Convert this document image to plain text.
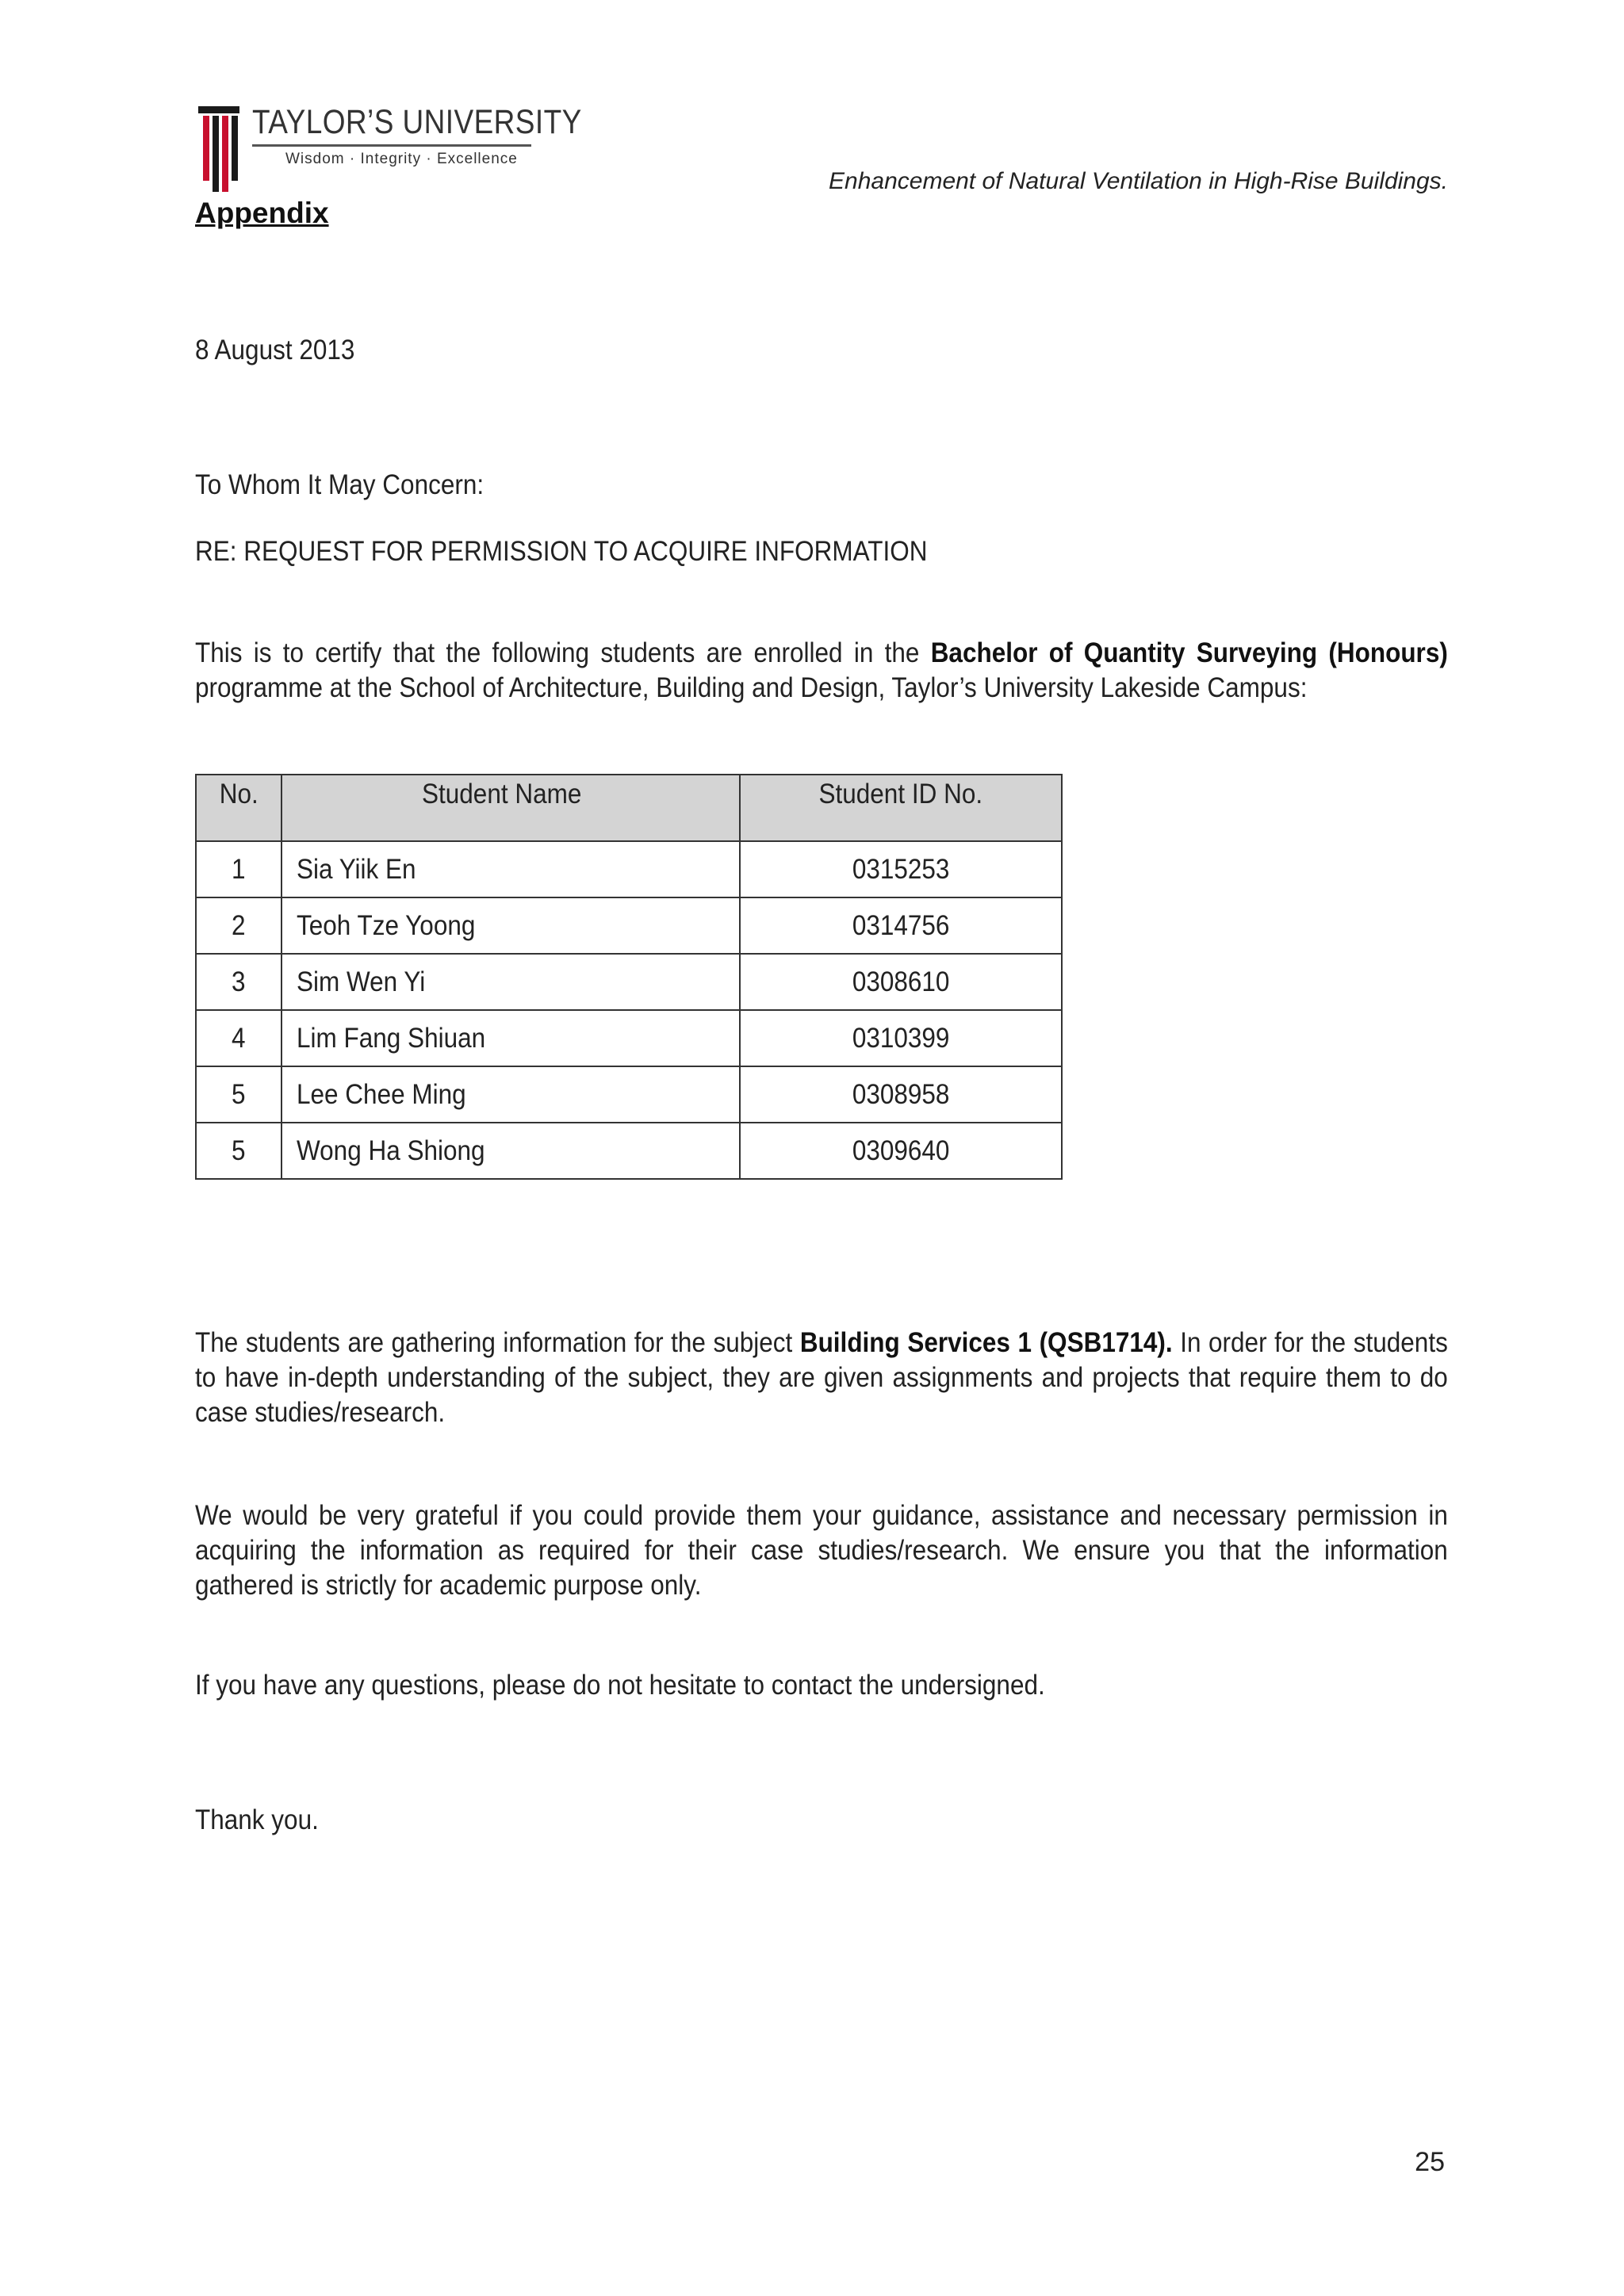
TAYLOR’S UNIVERSITY
Wisdom · Integrity · Excellence
Enhancement of Natural Ventilation in High-Rise Buildings.
Appendix
8 August 2013
To Whom It May Concern:
RE: REQUEST FOR PERMISSION TO ACQUIRE INFORMATION
This is to certify that the following students are enrolled in the Bachelor of Quantity Surveying (Honours) programme at the School of Architecture, Building and Design, Taylor’s University Lakeside Campus:
No.	Student Name	Student ID No.
1	Sia Yiik En	0315253
2	Teoh Tze Yoong	0314756
3	Sim Wen Yi	0308610
4	Lim Fang Shiuan	0310399
5	Lee Chee Ming	0308958
5	Wong Ha Shiong	0309640
The students are gathering information for the subject Building Services 1 (QSB1714). In order for the students to have in-depth understanding of the subject, they are given assignments and projects that require them to do case studies/research.
We would be very grateful if you could provide them your guidance, assistance and necessary permission in acquiring the information as required for their case studies/research. We ensure you that the information gathered is strictly for academic purpose only.
If you have any questions, please do not hesitate to contact the undersigned.
Thank you.
25
